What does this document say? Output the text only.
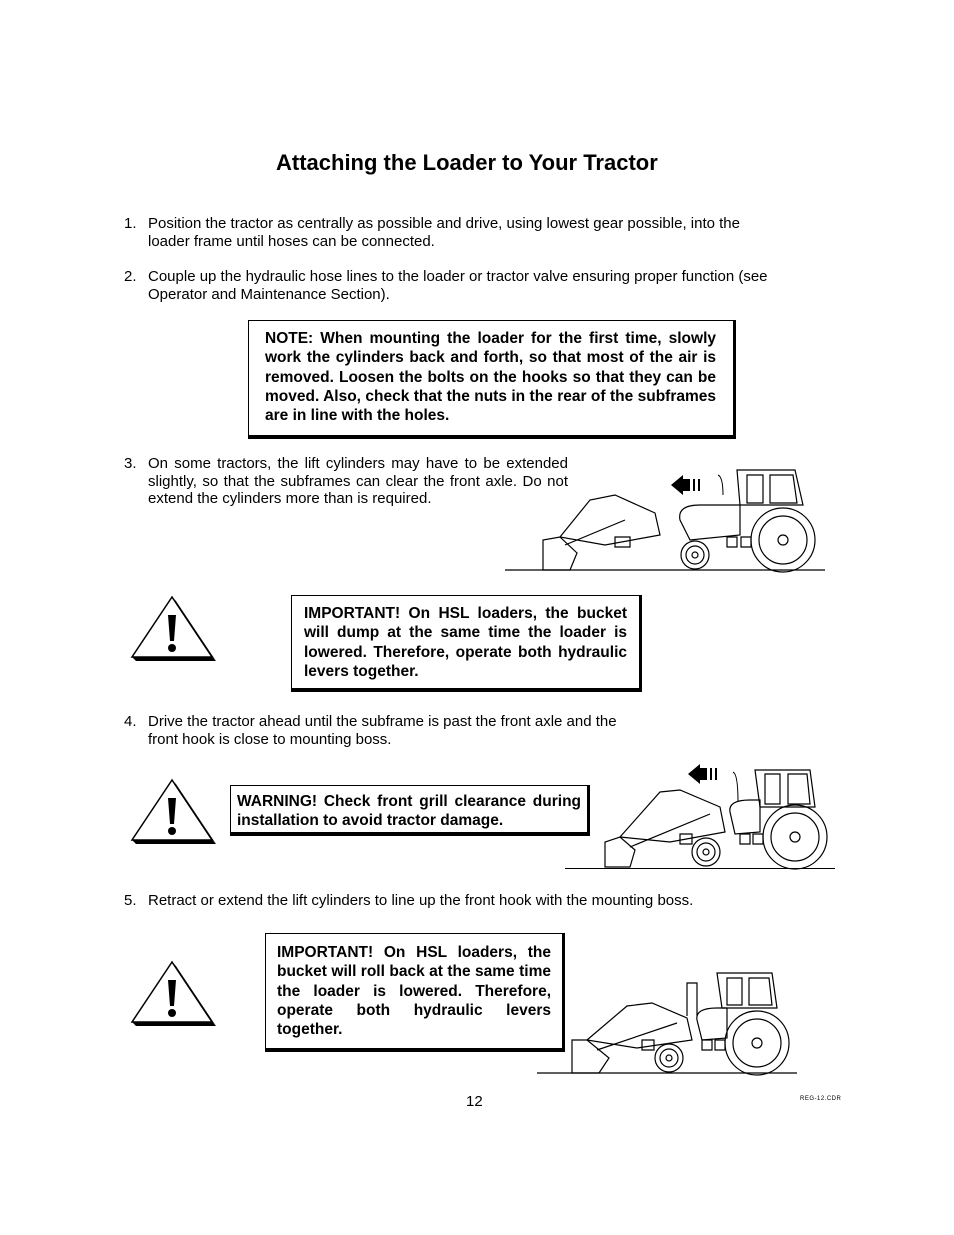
Attaching the Loader to Your Tractor
1. Position the tractor as centrally as possible and drive, using lowest gear possible, into the loader frame until hoses can be connected.
2. Couple up the hydraulic hose lines to the loader or tractor valve ensuring proper function (see Operator and Maintenance Section).
NOTE: When mounting the loader for the first time, slowly work the cylinders back and forth, so that most of the air is removed. Loosen the bolts on the hooks so that they can be moved. Also, check that the nuts in the rear of the subframes are in line with the holes.
3. On some tractors, the lift cylinders may have to be extended slightly, so that the subframes can clear the front axle. Do not extend the cylinders more than is required.
IMPORTANT! On HSL loaders, the bucket will dump at the same time the loader is lowered. Therefore, operate both hydraulic levers together.
4. Drive the tractor ahead until the subframe is past the front axle and the front hook is close to mounting boss.
WARNING! Check front grill clearance during installation to avoid tractor damage.
5. Retract or extend the lift cylinders to line up the front hook with the mounting boss.
IMPORTANT! On HSL loaders, the bucket will roll back at the same time the loader is lowered. Therefore, operate both hydraulic levers together.
12	REG-12.CDR
